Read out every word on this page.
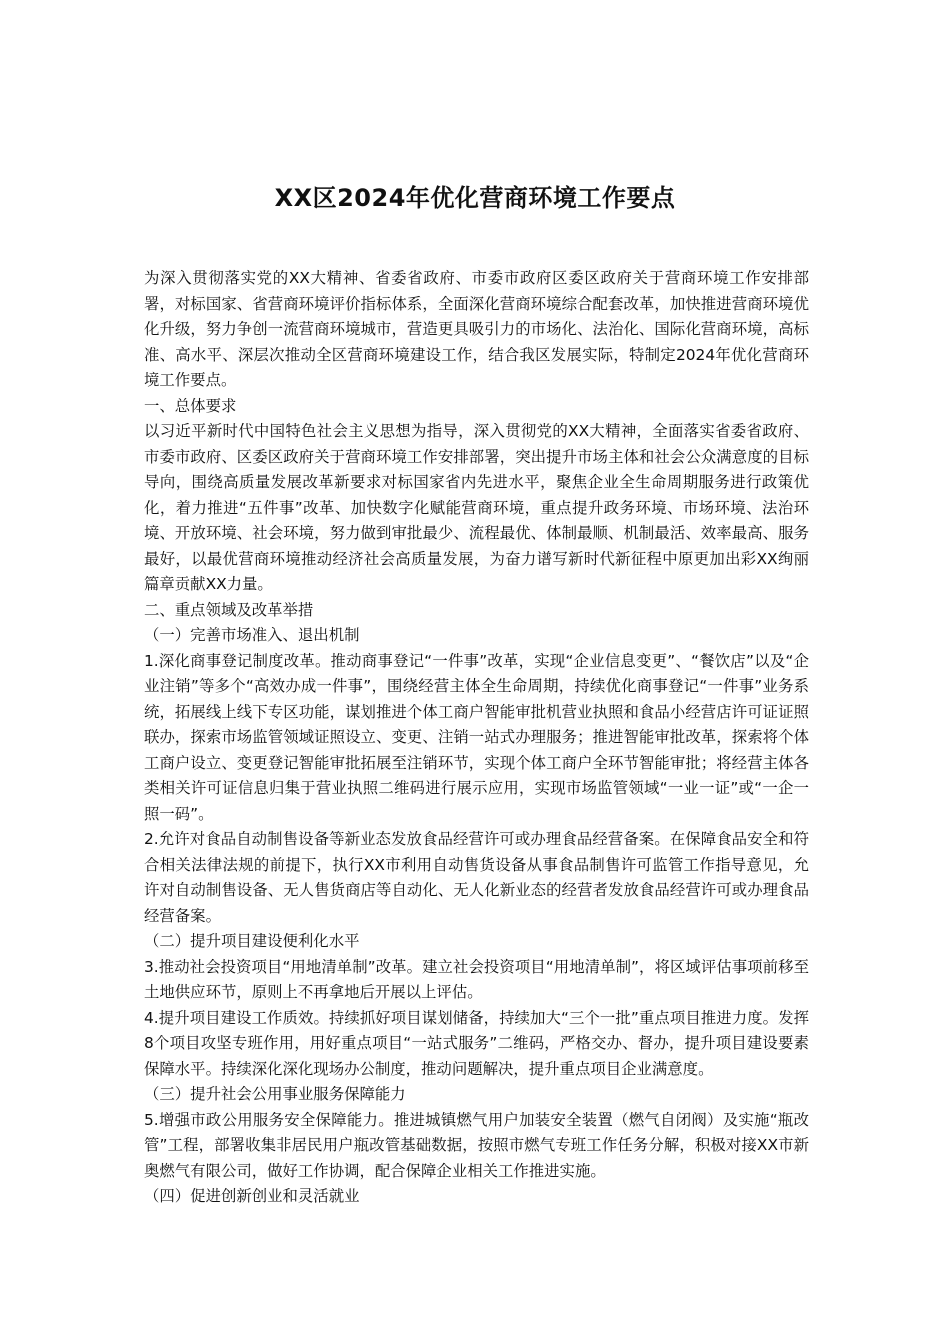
XX区2024年优化营商环境工作要点

为深入贯彻落实党的XX大精神、省委省政府、市委市政府区委区政府关于营商环境工作安排部署，对标国家、省营商环境评价指标体系，全面深化营商环境综合配套改革，加快推进营商环境优化升级，努力争创一流营商环境城市，营造更具吸引力的市场化、法治化、国际化营商环境，高标准、高水平、深层次推动全区营商环境建设工作，结合我区发展实际，特制定2024年优化营商环境工作要点。

一、总体要求

以习近平新时代中国特色社会主义思想为指导，深入贯彻党的XX大精神，全面落实省委省政府、市委市政府、区委区政府关于营商环境工作安排部署，突出提升市场主体和社会公众满意度的目标导向，围绕高质量发展改革新要求对标国家省内先进水平，聚焦企业全生命周期服务进行政策优化，着力推进“五件事”改革、加快数字化赋能营商环境，重点提升政务环境、市场环境、法治环境、开放环境、社会环境，努力做到审批最少、流程最优、体制最顺、机制最活、效率最高、服务最好，以最优营商环境推动经济社会高质量发展，为奋力谱写新时代新征程中原更加出彩XX绚丽篇章贡献XX力量。

二、重点领域及改革举措

（一）完善市场准入、退出机制

1.深化商事登记制度改革。推动商事登记“一件事”改革，实现“企业信息变更”、“餐饮店”以及“企业注销”等多个“高效办成一件事”，围绕经营主体全生命周期，持续优化商事登记“一件事”业务系统，拓展线上线下专区功能，谋划推进个体工商户智能审批机营业执照和食品小经营店许可证证照联办，探索市场监管领域证照设立、变更、注销一站式办理服务；推进智能审批改革，探索将个体工商户设立、变更登记智能审批拓展至注销环节，实现个体工商户全环节智能审批；将经营主体各类相关许可证信息归集于营业执照二维码进行展示应用，实现市场监管领域“一业一证”或“一企一照一码”。

2.允许对食品自动制售设备等新业态发放食品经营许可或办理食品经营备案。在保障食品安全和符合相关法律法规的前提下，执行XX市利用自动售货设备从事食品制售许可监管工作指导意见，允许对自动制售设备、无人售货商店等自动化、无人化新业态的经营者发放食品经营许可或办理食品经营备案。

（二）提升项目建设便利化水平

3.推动社会投资项目“用地清单制”改革。建立社会投资项目“用地清单制”，将区域评估事项前移至土地供应环节，原则上不再拿地后开展以上评估。

4.提升项目建设工作质效。持续抓好项目谋划储备，持续加大“三个一批”重点项目推进力度。发挥8个项目攻坚专班作用，用好重点项目“一站式服务”二维码，严格交办、督办，提升项目建设要素保障水平。持续深化深化现场办公制度，推动问题解决，提升重点项目企业满意度。

（三）提升社会公用事业服务保障能力

5.增强市政公用服务安全保障能力。推进城镇燃气用户加装安全装置（燃气自闭阀）及实施“瓶改管”工程，部署收集非居民用户瓶改管基础数据，按照市燃气专班工作任务分解，积极对接XX市新奥燃气有限公司，做好工作协调，配合保障企业相关工作推进实施。

（四）促进创新创业和灵活就业
